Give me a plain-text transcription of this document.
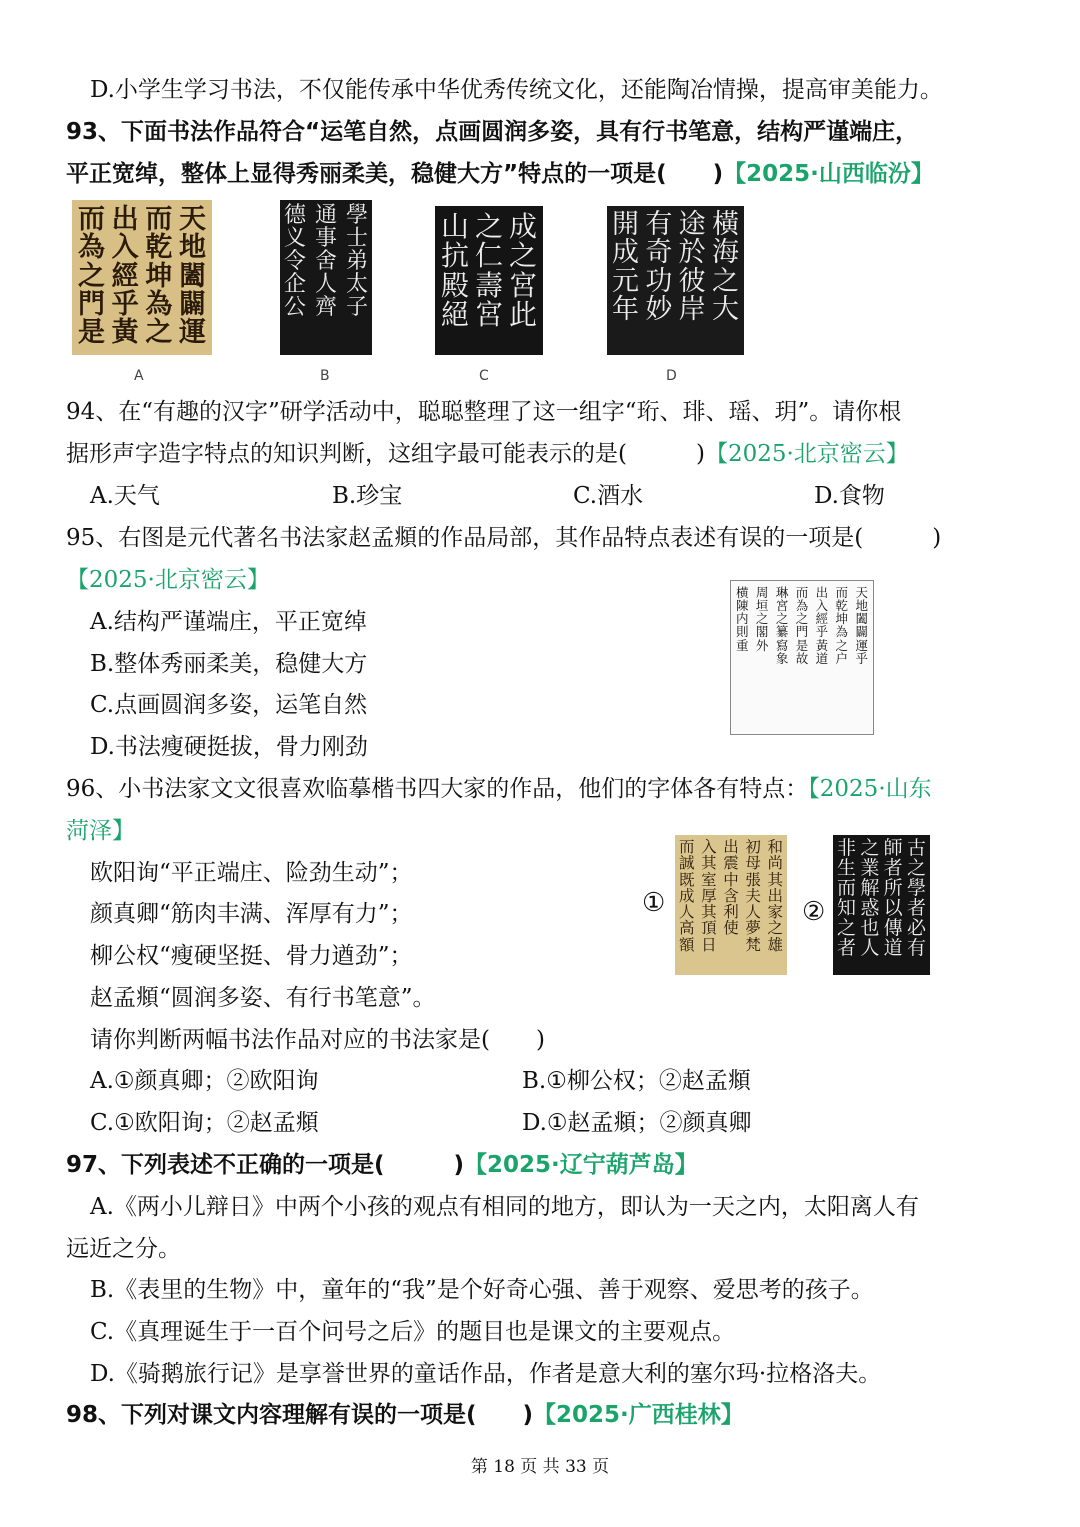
D.小学生学习书法，不仅能传承中华优秀传统文化，还能陶冶情操，提高审美能力。
93、下面书法作品符合“运笔自然，点画圆润多姿，具有行书笔意，结构严谨端庄，
平正宽绰，整体上显得秀丽柔美，稳健大方”特点的一项是(　　)【2025·山西临汾】
天
地
闔
闢
運
而
乾
坤
為
之
出
入
經
乎
黃
而
為
之
門
是
學
士
弟
太
子
通
事
舍
人
齊
德
义
令
企
公
成
之
宮
此
之
仁
壽
宮
山
抗
殿
絕
橫
海
之
大
途
於
彼
岸
有
奇
功
妙
開
成
元
年
A	B	C	D
94、在“有趣的汉字”研学活动中，聪聪整理了这一组字“珩、琲、瑶、玥”。请你根
据形声字造字特点的知识判断，这组字最可能表示的是(　　　)【2025·北京密云】
A.天气	B.珍宝	C.酒水	D.食物
95、右图是元代著名书法家赵孟頫的作品局部，其作品特点表述有误的一项是(　　　)
【2025·北京密云】
A.结构严谨端庄，平正宽绰
B.整体秀丽柔美，稳健大方
C.点画圆润多姿，运笔自然
D.书法瘦硬挺拔，骨力刚劲
天
地
闔
闢
運
乎
而
乾
坤
為
之
户
出
入
經
乎
黃
道
而
為
之
門
是
故
琳
宮
之
纂
寫
象
周
垣
之
閣
外
横
陳
内
則
重
96、小书法家文文很喜欢临摹楷书四大家的作品，他们的字体各有特点：【2025·山东
菏泽】
欧阳询“平正端庄、险劲生动”；
颜真卿“筋肉丰满、浑厚有力”；
柳公权“瘦硬坚挺、骨力遒劲”；
赵孟頫“圆润多姿、有行书笔意”。
请你判断两幅书法作品对应的书法家是(　　)
A.①颜真卿；②欧阳询	B.①柳公权；②赵孟頫
C.①欧阳询；②赵孟頫	D.①赵孟頫；②颜真卿
①
和
尚
其
出
家
之
雄
初
母
張
夫
人
夢
梵
出
震
中
含
利
使
入
其
室
厚
其
頂
日
而
誠
既
成
人
高
額
②
古
之
學
者
必
有
師
者
所
以
傳
道
之
業
解
惑
也
人
非
生
而
知
之
者
97、下列表述不正确的一项是(　　　)【2025·辽宁葫芦岛】
A.《两小儿辩日》中两个小孩的观点有相同的地方，即认为一天之内，太阳离人有
远近之分。
B.《表里的生物》中，童年的“我”是个好奇心强、善于观察、爱思考的孩子。
C.《真理诞生于一百个问号之后》的题目也是课文的主要观点。
D.《骑鹅旅行记》是享誉世界的童话作品，作者是意大利的塞尔玛·拉格洛夫。
98、下列对课文内容理解有误的一项是(　　)【2025·广西桂林】
第 18 页 共 33 页
